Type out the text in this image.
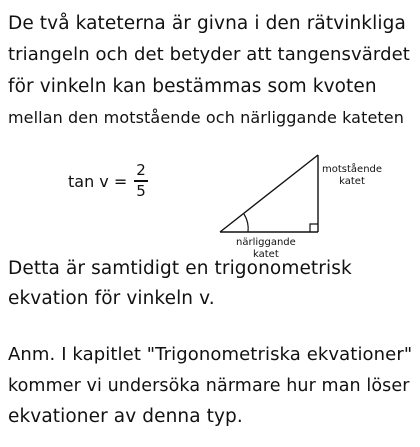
De två kateterna är givna i den rätvinkliga
triangeln och det betyder att tangensvärdet
för vinkeln kan bestämmas som kvoten
mellan den motstående och närliggande kateten
tan v =
2
5
motstående
katet
närliggande
katet
Detta är samtidigt en trigonometrisk
ekvation för vinkeln v.
Anm. I kapitlet "Trigonometriska ekvationer"
kommer vi undersöka närmare hur man löser
ekvationer av denna typ.
